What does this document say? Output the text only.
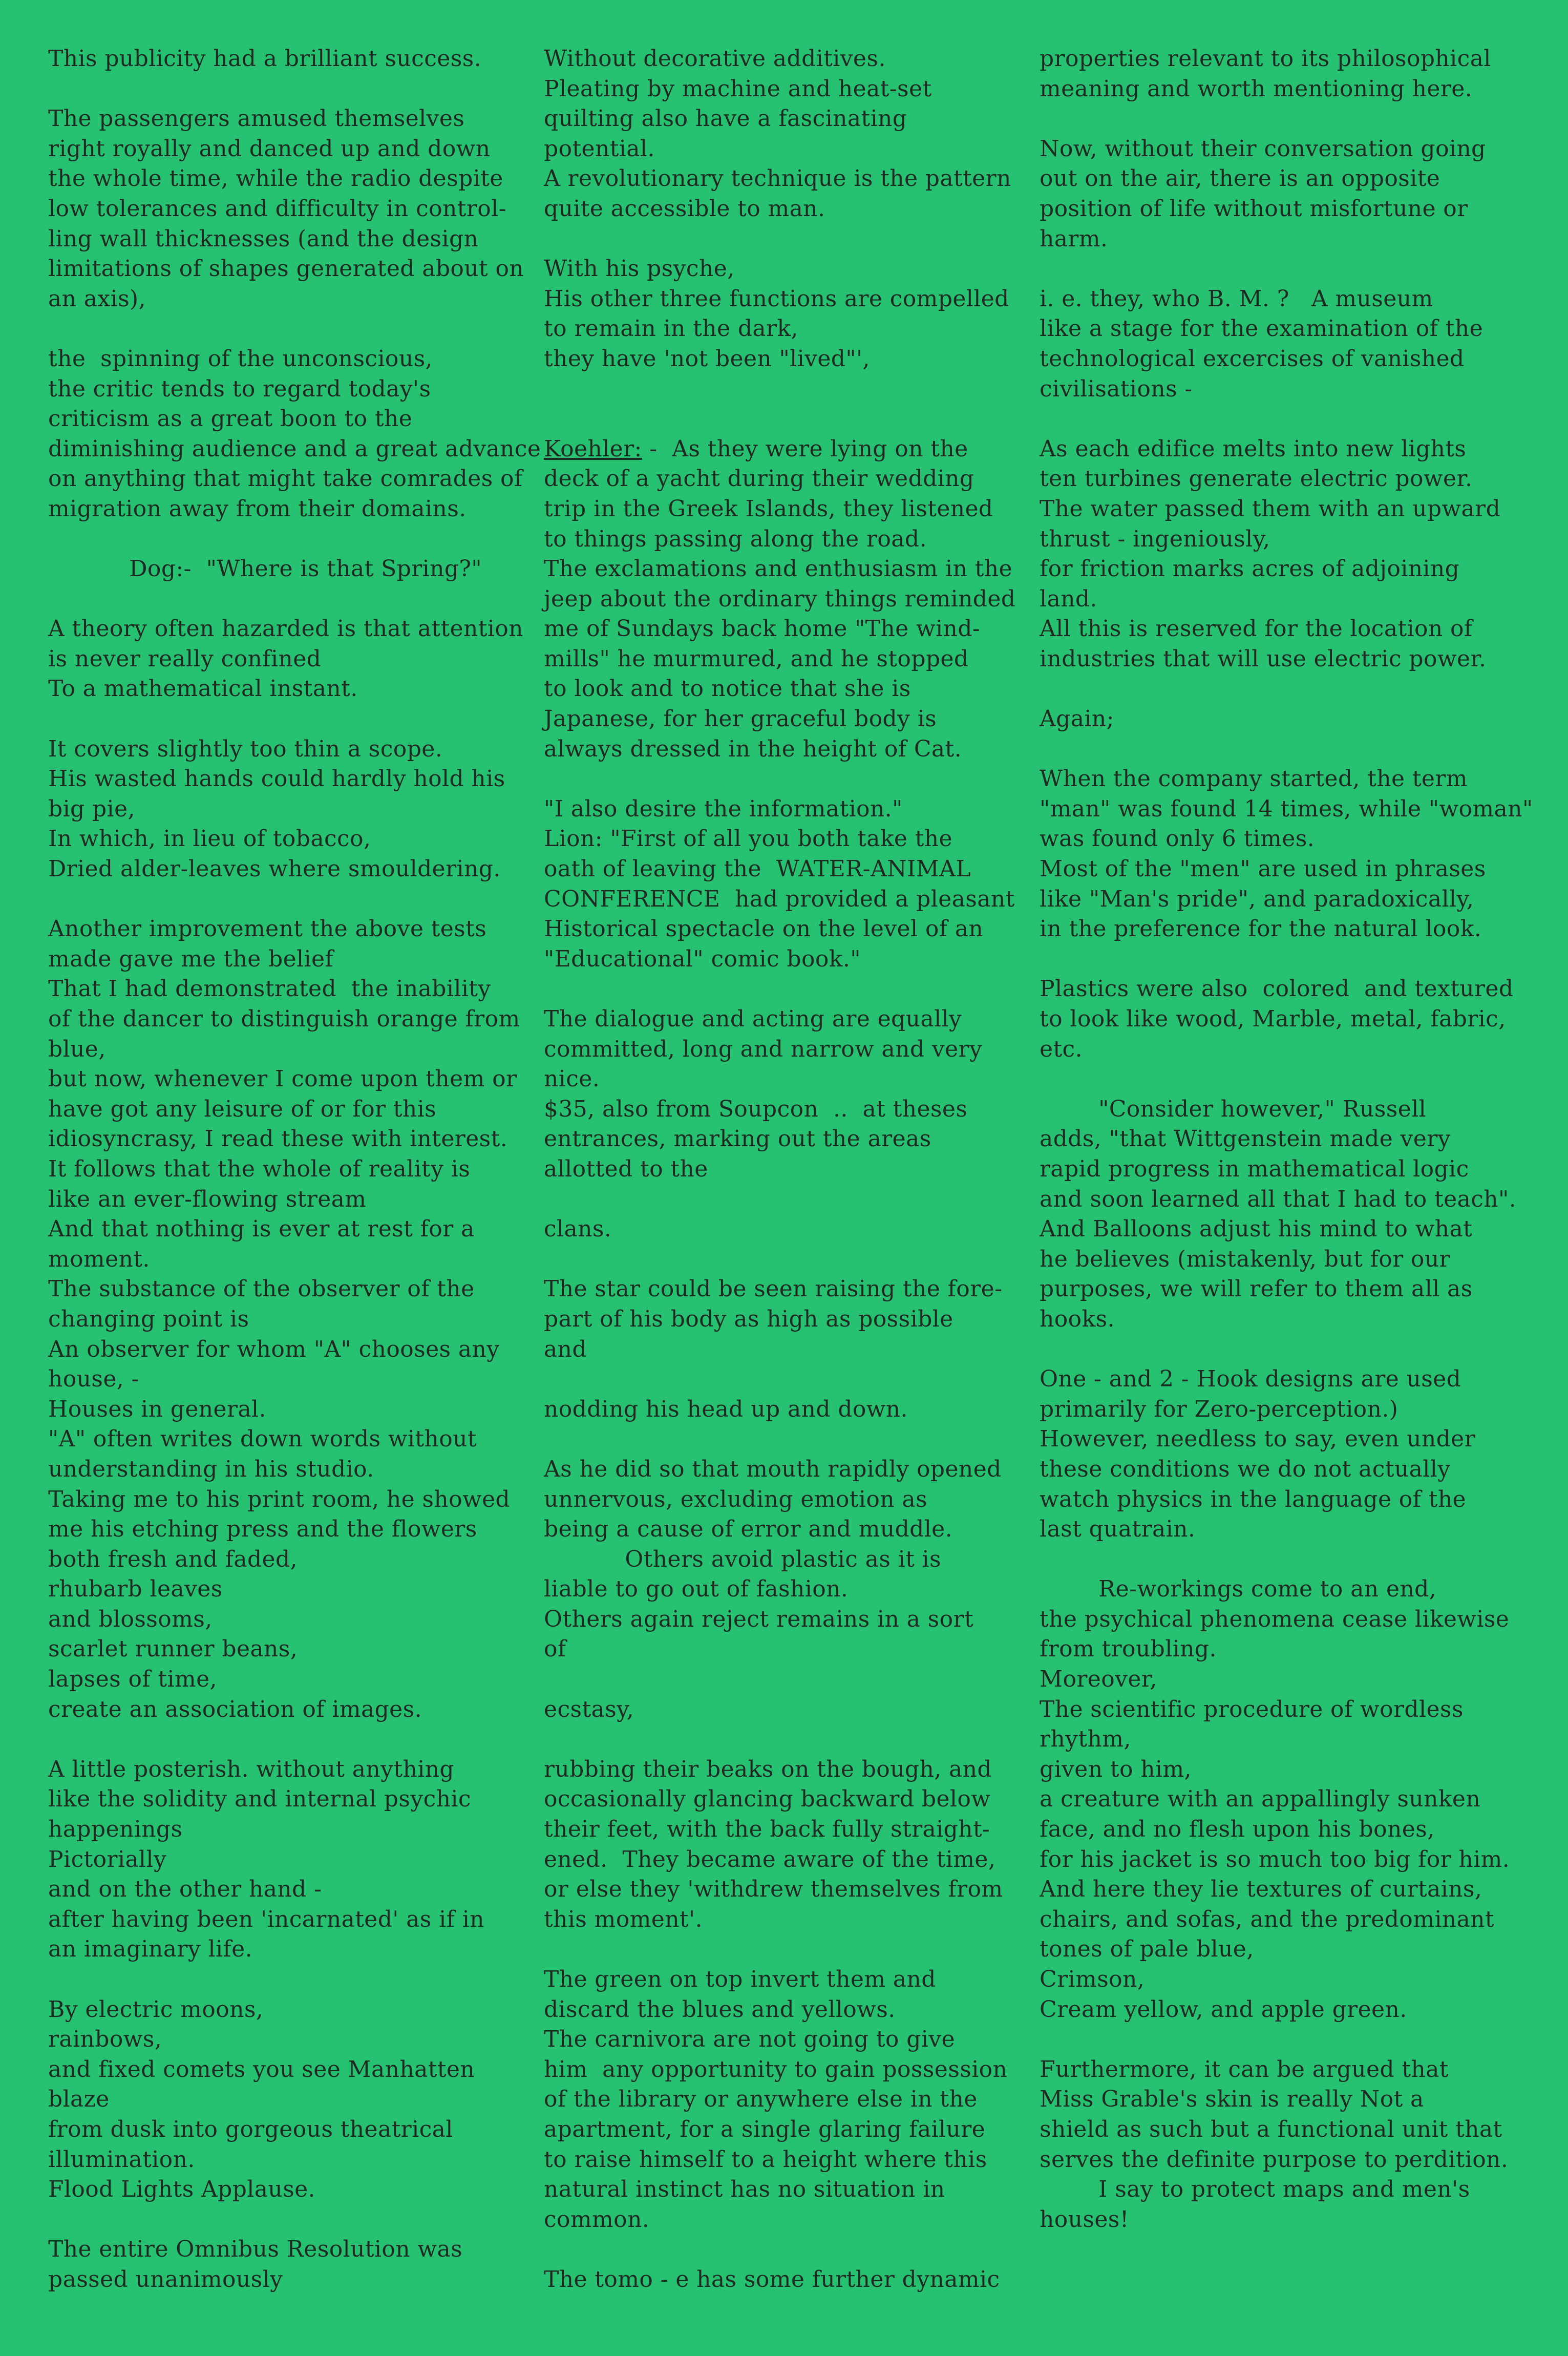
This publicity had a brilliant success.
The passengers amused themselves
right royally and danced up and down
the whole time, while the radio despite
low tolerances and difficulty in control-
ling wall thicknesses (and the design
limitations of shapes generated about on
an axis),
the  spinning of the unconscious,
the critic tends to regard today's
criticism as a great boon to the
diminishing audience and a great advance
on anything that might take comrades of
migration away from their domains.
Dog:-  "Where is that Spring?"
A theory often hazarded is that attention
is never really confined
To a mathematical instant.
It covers slightly too thin a scope.
His wasted hands could hardly hold his
big pie,
In which, in lieu of tobacco,
Dried alder-leaves where smouldering.
Another improvement the above tests
made gave me the belief
That I had demonstrated  the inability
of the dancer to distinguish orange from
blue,
but now, whenever I come upon them or
have got any leisure of or for this
idiosyncrasy, I read these with interest.
It follows that the whole of reality is
like an ever-flowing stream
And that nothing is ever at rest for a
moment.
The substance of the observer of the
changing point is
An observer for whom "A" chooses any
house, -
Houses in general.
"A" often writes down words without
understanding in his studio.
Taking me to his print room, he showed
me his etching press and the flowers
both fresh and faded,
rhubarb leaves
and blossoms,
scarlet runner beans,
lapses of time,
create an association of images.
A little posterish. without anything
like the solidity and internal psychic
happenings
Pictorially
and on the other hand -
after having been 'incarnated' as if in
an imaginary life.
By electric moons,
rainbows,
and fixed comets you see Manhatten
blaze
from dusk into gorgeous theatrical
illumination.
Flood Lights Applause.
The entire Omnibus Resolution was
passed unanimously
Without decorative additives.
Pleating by machine and heat-set
quilting also have a fascinating
potential.
A revolutionary technique is the pattern
quite accessible to man.
With his psyche,
His other three functions are compelled
to remain in the dark,
they have 'not been "lived"',
Koehler: -  As they were lying on the
deck of a yacht during their wedding
trip in the Greek Islands, they listened
to things passing along the road.
The exclamations and enthusiasm in the
jeep about the ordinary things reminded
me of Sundays back home "The wind-
mills" he murmured, and he stopped
to look and to notice that she is
Japanese, for her graceful body is
always dressed in the height of Cat.
"I also desire the information."
Lion: "First of all you both take the
oath of leaving the  WATER-ANIMAL
CONFERENCE  had provided a pleasant
Historical spectacle on the level of an
"Educational" comic book."
The dialogue and acting are equally
committed, long and narrow and very
nice.
$35, also from Soupcon  ..  at theses
entrances, marking out the areas
allotted to the
clans.
The star could be seen raising the fore-
part of his body as high as possible
and
nodding his head up and down.
As he did so that mouth rapidly opened
unnervous, excluding emotion as
being a cause of error and muddle.
Others avoid plastic as it is
liable to go out of fashion.
Others again reject remains in a sort
of
ecstasy,
rubbing their beaks on the bough, and
occasionally glancing backward below
their feet, with the back fully straight-
ened.  They became aware of the time,
or else they 'withdrew themselves from
this moment'.
The green on top invert them and
discard the blues and yellows.
The carnivora are not going to give
him  any opportunity to gain possession
of the library or anywhere else in the
apartment, for a single glaring failure
to raise himself to a height where this
natural instinct has no situation in
common.
The tomo - e has some further dynamic
properties relevant to its philosophical
meaning and worth mentioning here.
Now, without their conversation going
out on the air, there is an opposite
position of life without misfortune or
harm.
i. e. they, who B. M. ?   A museum
like a stage for the examination of the
technological excercises of vanished
civilisations -
As each edifice melts into new lights
ten turbines generate electric power.
The water passed them with an upward
thrust - ingeniously,
for friction marks acres of adjoining
land.
All this is reserved for the location of
industries that will use electric power.
Again;
When the company started, the term
"man" was found 14 times, while "woman"
was found only 6 times.
Most of the "men" are used in phrases
like "Man's pride", and paradoxically,
in the preference for the natural look.
Plastics were also  colored  and textured
to look like wood, Marble, metal, fabric,
etc.
"Consider however," Russell
adds, "that Wittgenstein made very
rapid progress in mathematical logic
and soon learned all that I had to teach".
And Balloons adjust his mind to what
he believes (mistakenly, but for our
purposes, we will refer to them all as
hooks.
One - and 2 - Hook designs are used
primarily for Zero-perception.)
However, needless to say, even under
these conditions we do not actually
watch physics in the language of the
last quatrain.
Re-workings come to an end,
the psychical phenomena cease likewise
from troubling.
Moreover,
The scientific procedure of wordless
rhythm,
given to him,
a creature with an appallingly sunken
face, and no flesh upon his bones,
for his jacket is so much too big for him.
And here they lie textures of curtains,
chairs, and sofas, and the predominant
tones of pale blue,
Crimson,
Cream yellow, and apple green.
Furthermore, it can be argued that
Miss Grable's skin is really Not a
shield as such but a functional unit that
serves the definite purpose to perdition.
I say to protect maps and men's
houses!
